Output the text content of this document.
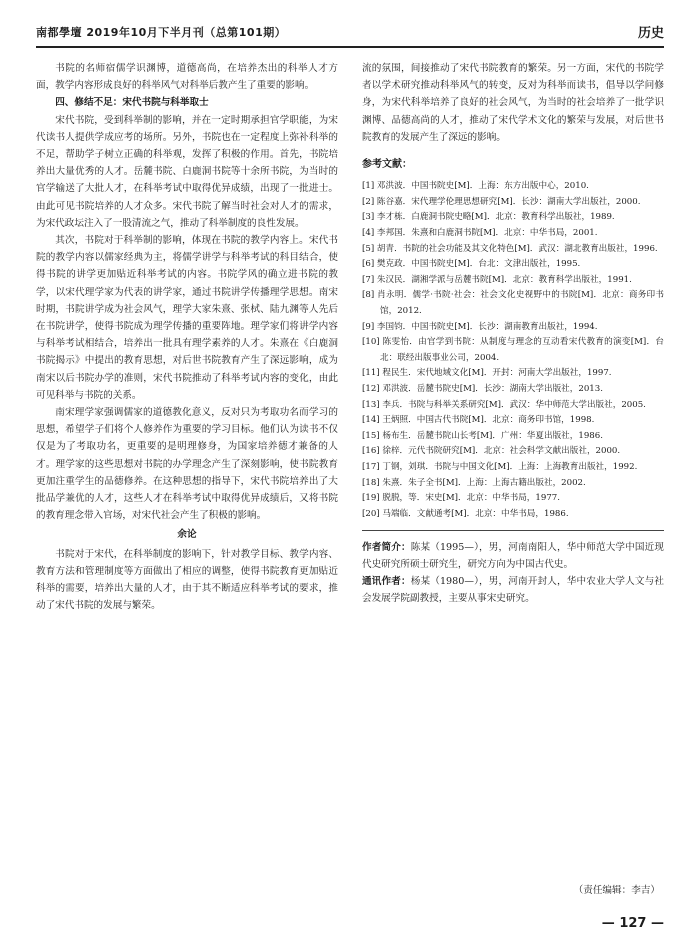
南都學壇 2019年10月下半月刊（总第101期）	历史

书院的名师宿儒学识渊博，道德高尚，在培养杰出的科举人才方面，教学内容形成良好的科举风气对科举后教产生了重要的影响。

四、修结不足：宋代书院与科举取士

宋代书院，受到科举制的影响，并在一定时期承担官学职能，为宋代读书人提供学成应考的场所。另外，书院也在一定程度上弥补科举的不足，帮助学子树立正确的科举观，发挥了积极的作用。首先，书院培养出大量优秀的人才。岳麓书院、白鹿洞书院等十余所书院，为当时的官学输送了大批人才，在科举考试中取得优异成绩，出现了一批进士。由此可见书院培养的人才众多。宋代书院了解当时社会对人才的需求，为宋代政坛注入了一股清流之气，推动了科举制度的良性发展。

其次，书院对于科举制的影响，体现在书院的教学内容上。宋代书院的教学内容以儒家经典为主，将儒学讲学与科举考试的科目结合，使得书院的讲学更加贴近科举考试的内容。书院学风的确立进书院的教学，以宋代理学家为代表的讲学家，通过书院讲学传播理学思想。南宋时期，书院讲学成为社会风气，理学大家朱熹、张栻、陆九渊等人先后在书院讲学，使得书院成为理学传播的重要阵地。理学家们将讲学内容与科举考试相结合，培养出一批具有理学素养的人才。朱熹在《白鹿洞书院揭示》中提出的教育思想，对后世书院教育产生了深远影响，成为南宋以后书院办学的准则，宋代书院推动了科举考试内容的变化，由此可见科举与书院的关系。

南宋理学家强调儒家的道德教化意义，反对只为考取功名而学习的思想，希望学子们将个人修养作为重要的学习目标。他们认为读书不仅仅是为了考取功名，更重要的是明理修身，为国家培养德才兼备的人才。理学家的这些思想对书院的办学理念产生了深刻影响，使书院教育更加注重学生的品德修养。在这种思想的指导下，宋代书院培养出了大批品学兼优的人才，这些人才在科举考试中取得优异成绩后，又将书院的教育理念带入官场，对宋代社会产生了积极的影响。

余论

书院对于宋代，在科举制度的影响下，针对教学目标、教学内容、教育方法和管理制度等方面做出了相应的调整，使得书院教育更加贴近科举的需要，培养出大量的人才，由于其不断适应科举考试的要求，推动了宋代书院的发展与繁荣。

流的氛围，间接推动了宋代书院教育的繁荣。另一方面，宋代的书院学者以学术研究推动科举风气的转变，反对为科举而读书，倡导以学问修身，为宋代科举培养了良好的社会风气，为当时的社会培养了一批学识渊博、品德高尚的人才，推动了宋代学术文化的繁荣与发展，对后世书院教育的发展产生了深远的影响。

参考文献：

[1] 邓洪波．中国书院史[M]．上海：东方出版中心，2010.

[2] 陈谷嘉．宋代理学伦理思想研究[M]．长沙：湖南大学出版社，2000.

[3] 李才栋．白鹿洞书院史略[M]．北京：教育科学出版社，1989.

[4] 李邦国．朱熹和白鹿洞书院[M]．北京：中华书局，2001.

[5] 胡青．书院的社会功能及其文化特色[M]．武汉：湖北教育出版社，1996.

[6] 樊克政．中国书院史[M]．台北：文津出版社，1995.

[7] 朱汉民．湖湘学派与岳麓书院[M]．北京：教育科学出版社，1991.

[8] 肖永明．儒学·书院·社会：社会文化史视野中的书院[M]．北京：商务印书馆，2012.

[9] 李国钧．中国书院史[M]．长沙：湖南教育出版社，1994.

[10] 陈雯怡．由官学到书院：从制度与理念的互动看宋代教育的演变[M]．台北：联经出版事业公司，2004.

[11] 程民生．宋代地域文化[M]．开封：河南大学出版社，1997.

[12] 邓洪波．岳麓书院史[M]．长沙：湖南大学出版社，2013.

[13] 李兵．书院与科举关系研究[M]．武汉：华中师范大学出版社，2005.

[14] 王炳照．中国古代书院[M]．北京：商务印书馆，1998.

[15] 杨布生．岳麓书院山长考[M]．广州：华夏出版社，1986.

[16] 徐梓．元代书院研究[M]．北京：社会科学文献出版社，2000.

[17] 丁钢，刘琪．书院与中国文化[M]．上海：上海教育出版社，1992.

[18] 朱熹．朱子全书[M]．上海：上海古籍出版社，2002.

[19] 脱脱，等．宋史[M]．北京：中华书局，1977.

[20] 马端临．文献通考[M]．北京：中华书局，1986.

作者简介：陈某（1995—），男，河南南阳人，华中师范大学中国近现代史研究所硕士研究生，研究方向为中国古代史。

通讯作者：杨某（1980—），男，河南开封人，华中农业大学人文与社会发展学院副教授，主要从事宋史研究。

（责任编辑：李吉）
— 127 —
